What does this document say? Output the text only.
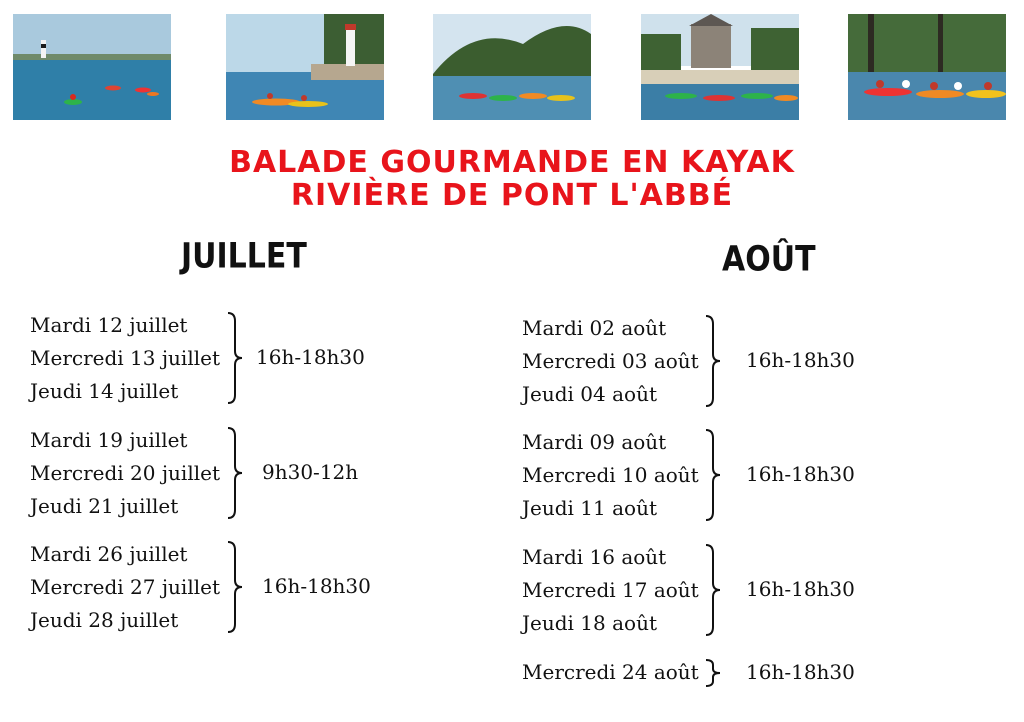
BALADE GOURMANDE EN KAYAK
RIVIÈRE DE PONT L'ABBÉ
JUILLET	AOÛT
Mardi 12 juillet
Mercredi 13 juillet
Jeudi 14 juillet
16h-18h30
Mardi 19 juillet
Mercredi 20 juillet
Jeudi 21 juillet
9h30-12h
Mardi 26 juillet
Mercredi 27 juillet
Jeudi 28 juillet
16h-18h30
Mardi 02 août
Mercredi 03 août
Jeudi 04 août
16h-18h30
Mardi 09 août
Mercredi 10 août
Jeudi 11 août
16h-18h30
Mardi 16 août
Mercredi 17 août
Jeudi 18 août
16h-18h30
Mercredi 24 août 16h-18h30
